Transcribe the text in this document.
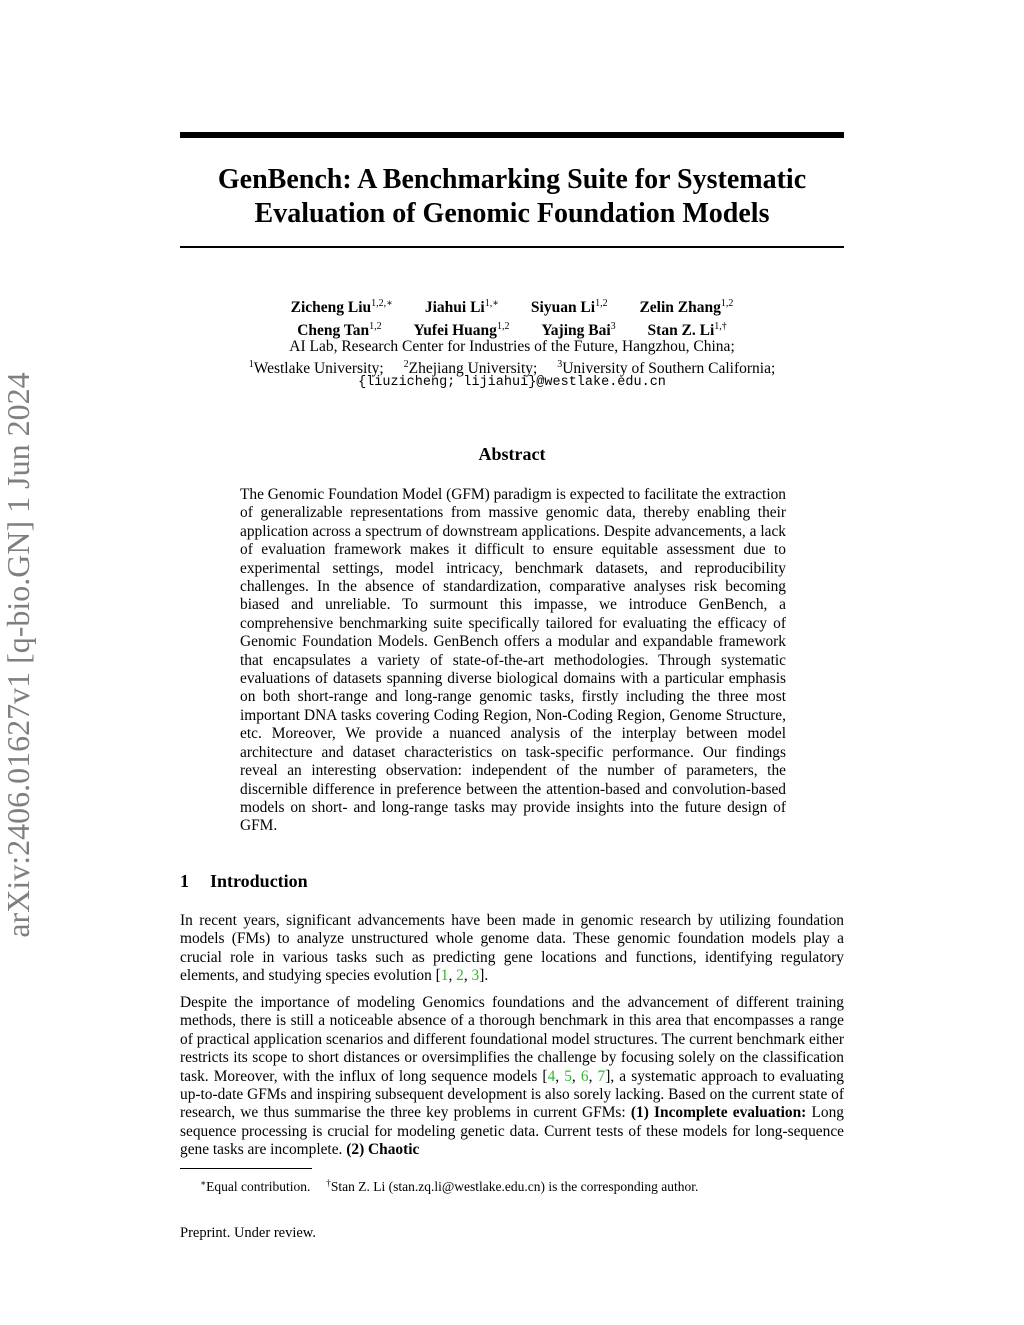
arXiv:2406.01627v1 [q-bio.GN] 1 Jun 2024
GenBench: A Benchmarking Suite for Systematic
Evaluation of Genomic Foundation Models
Zicheng Liu$^{1,2,∗}$ Jiahui $Li^{1,∗}$ Siyuan Li$^{1,2}$ Zelin Zhang$^{1,2}$
Cheng Tan$^{1,2}$ Yufei Huang$^{1,2}$ Yajing Bai$^3$ Stan Z. $Li^{1,\dagger}$
AI Lab, Research Center for Industries of the Future, Hangzhou, China;
$^1$Westlake University; $^2$Zhejiang University; $^3$University of Southern California;
{liuzicheng; lijiahui}@westlake.edu.cn
Abstract
The Genomic Foundation Model (GFM) paradigm is expected to facilitate the extraction of generalizable representations from massive genomic data, thereby enabling their application across a spectrum of downstream applications. Despite advancements, a lack of evaluation framework makes it difficult to ensure equitable assessment due to experimental settings, model intricacy, benchmark datasets, and reproducibility challenges. In the absence of standardization, comparative analyses risk becoming biased and unreliable. To surmount this impasse, we introduce GenBench, a comprehensive benchmarking suite specifically tailored for evaluating the efficacy of Genomic Foundation Models. GenBench offers a modular and expandable framework that encapsulates a variety of state-of-the-art methodologies. Through systematic evaluations of datasets spanning diverse biological domains with a particular emphasis on both short-range and long-range genomic tasks, firstly including the three most important DNA tasks covering Coding Region, Non-Coding Region, Genome Structure, etc. Moreover, We provide a nuanced analysis of the interplay between model architecture and dataset characteristics on task-specific performance. Our findings reveal an interesting observation: independent of the number of parameters, the discernible difference in preference between the attention-based and convolution-based models on short- and long-range tasks may provide insights into the future design of GFM.
1 Introduction
In recent years, significant advancements have been made in genomic research by utilizing foundation models (FMs) to analyze unstructured whole genome data. These genomic foundation models play a crucial role in various tasks such as predicting gene locations and functions, identifying regulatory elements, and studying species evolution [1, 2, 3].
Despite the importance of modeling Genomics foundations and the advancement of different training methods, there is still a noticeable absence of a thorough benchmark in this area that encompasses a range of practical application scenarios and different foundational model structures. The current benchmark either restricts its scope to short distances or oversimplifies the challenge by focusing solely on the classification task. Moreover, with the influx of long sequence models [4, 5, 6, 7], a systematic approach to evaluating up-to-date GFMs and inspiring subsequent development is also sorely lacking. Based on the current state of research, we thus summarise the three key problems in current GFMs: (1) Incomplete evaluation: Long sequence processing is crucial for modeling genetic data. Current tests of these models for long-sequence gene tasks are incomplete. (2) Chaotic
∗Equal contribution. †Stan Z. Li (stan.zq.li@westlake.edu.cn) is the corresponding author.
Preprint. Under review.
